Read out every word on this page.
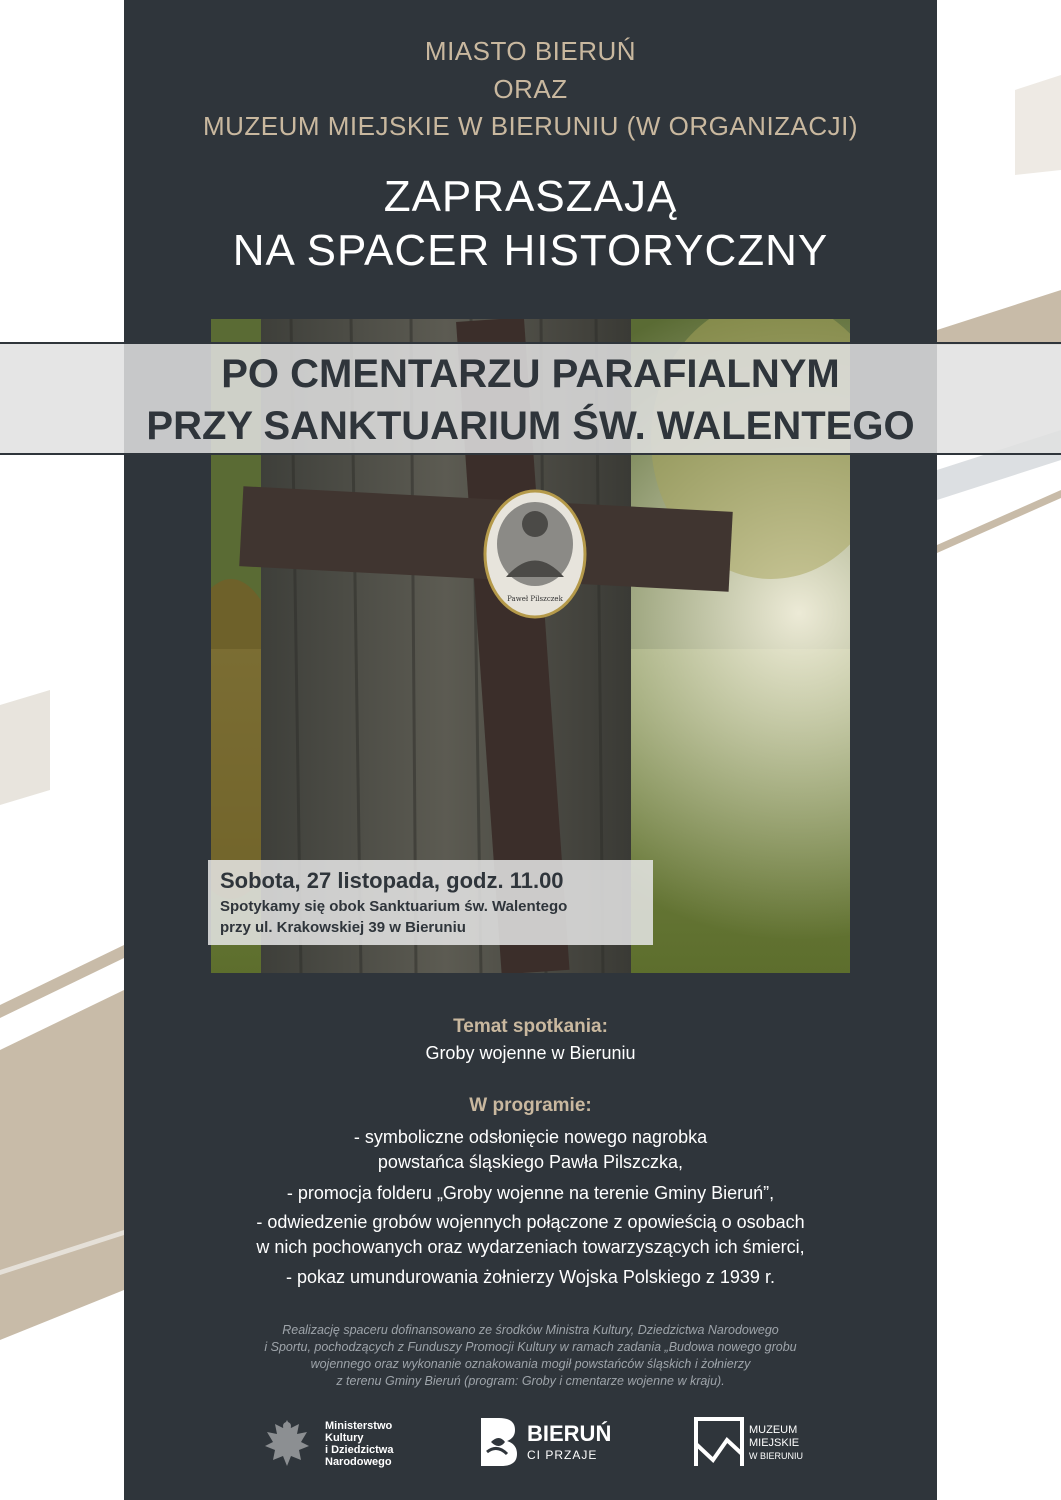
MIASTO BIERUŃ
ORAZ
MUZEUM MIEJSKIE W BIERUNIU (W ORGANIZACJI)
ZAPRASZAJĄ
NA SPACER HISTORYCZNY
Paweł Pilszczek
PO CMENTARZU PARAFIALNYM
PRZY SANKTUARIUM ŚW. WALENTEGO
Sobota, 27 listopada, godz. 11.00
Spotykamy się obok Sanktuarium św. Walentego
przy ul. Krakowskiej 39 w Bieruniu
Temat spotkania:
Groby wojenne w Bieruniu
W programie:
- symboliczne odsłonięcie nowego nagrobka
powstańca śląskiego Pawła Pilszczka,
- promocja folderu „Groby wojenne na terenie Gminy Bieruń”,
- odwiedzenie grobów wojennych połączone z opowieścią o osobach
w nich pochowanych oraz wydarzeniach towarzyszących ich śmierci,
- pokaz umundurowania żołnierzy Wojska Polskiego z 1939 r.
Realizację spaceru dofinansowano ze środków Ministra Kultury, Dziedzictwa Narodowego
i Sportu, pochodzących z Funduszy Promocji Kultury w ramach zadania „Budowa nowego grobu
wojennego oraz wykonanie oznakowania mogił powstańców śląskich i żołnierzy
z terenu Gminy Bieruń (program: Groby i cmentarze wojenne w kraju).
Ministerstwo
Kultury
i Dziedzictwa
Narodowego
BIERUŃ
CI PRZAJE
MUZEUM
MIEJSKIE
W BIERUNIU
